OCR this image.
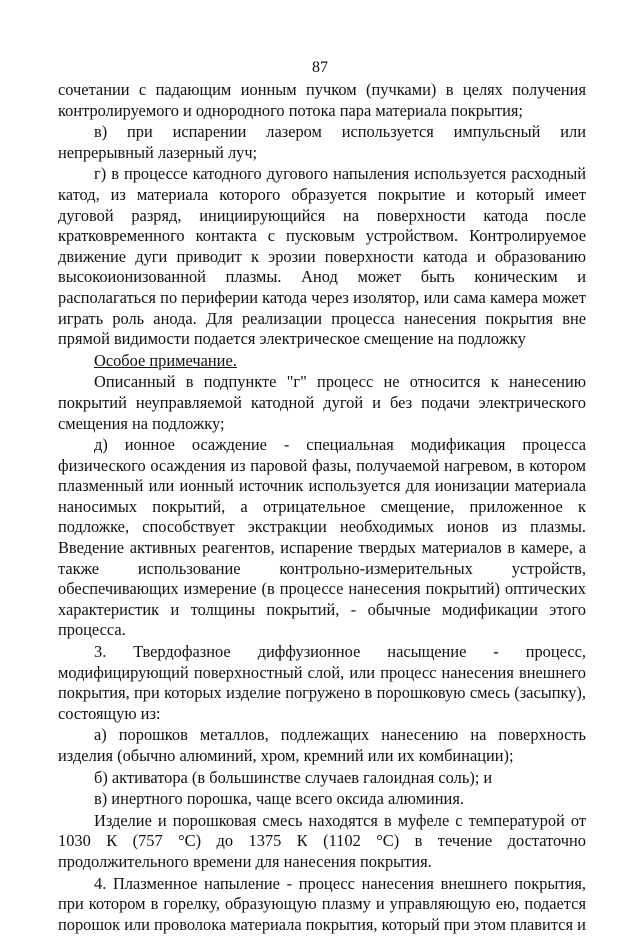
87

сочетании с падающим ионным пучком (пучками) в целях получения контролируемого и однородного потока пара материала покрытия;

в) при испарении лазером используется импульсный или непрерывный лазерный луч;

г) в процессе катодного дугового напыления используется расходный катод, из материала которого образуется покрытие и который имеет дуговой разряд, инициирующийся на поверхности катода после кратковременного контакта с пусковым устройством. Контролируемое движение дуги приводит к эрозии поверхности катода и образованию высокоионизованной плазмы. Анод может быть коническим и располагаться по периферии катода через изолятор, или сама камера может играть роль анода. Для реализации процесса нанесения покрытия вне прямой видимости подается электрическое смещение на подложку

Особое примечание.

Описанный в подпункте "г" процесс не относится к нанесению покрытий неуправляемой катодной дугой и без подачи электрического смещения на подложку;

д) ионное осаждение - специальная модификация процесса физического осаждения из паровой фазы, получаемой нагревом, в котором плазменный или ионный источник используется для ионизации материала наносимых покрытий, а отрицательное смещение, приложенное к подложке, способствует экстракции необходимых ионов из плазмы. Введение активных реагентов, испарение твердых материалов в камере, а также использование контрольно-измерительных устройств, обеспечивающих измерение (в процессе нанесения покрытий) оптических характеристик и толщины покрытий, - обычные модификации этого процесса.

3. Твердофазное диффузионное насыщение - процесс, модифицирующий поверхностный слой, или процесс нанесения внешнего покрытия, при которых изделие погружено в порошковую смесь (засыпку), состоящую из:

а) порошков металлов, подлежащих нанесению на поверхность изделия (обычно алюминий, хром, кремний или их комбинации);

б) активатора (в большинстве случаев галоидная соль); и

в) инертного порошка, чаще всего оксида алюминия.

Изделие и порошковая смесь находятся в муфеле с температурой от 1030 К (757 °С) до 1375 К (1102 °С) в течение достаточно продолжительного времени для нанесения покрытия.

4. Плазменное напыление - процесс нанесения внешнего покрытия, при котором в горелку, образующую плазму и управляющую ею, подается порошок или проволока материала покрытия, который при этом плавится и
